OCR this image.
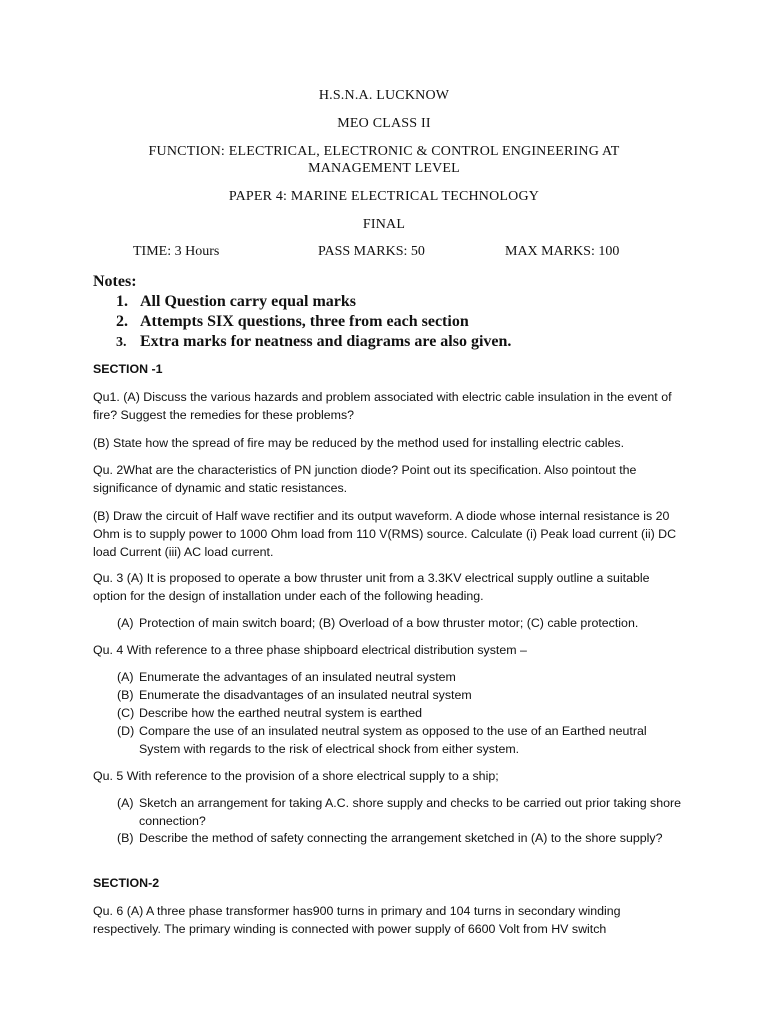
H.S.N.A. LUCKNOW
MEO CLASS II
FUNCTION: ELECTRICAL, ELECTRONIC & CONTROL ENGINEERING AT MANAGEMENT LEVEL
PAPER 4: MARINE ELECTRICAL TECHNOLOGY
FINAL
TIME: 3 Hours	PASS MARKS: 50	MAX MARKS: 100
Notes:
1. All Question carry equal marks
2. Attempts SIX questions, three from each section
3. Extra marks for neatness and diagrams are also given.
SECTION -1
Qu1. (A) Discuss the various hazards and problem associated with electric cable insulation in the event of fire? Suggest the remedies for these problems?
(B) State how the spread of fire may be reduced by the method used for installing electric cables.
Qu. 2What are the characteristics of PN junction diode? Point out its specification. Also pointout the significance of dynamic and static resistances.
(B) Draw the circuit of Half wave rectifier and its output waveform. A diode whose internal resistance is 20 Ohm is to supply power to 1000 Ohm load from 110 V(RMS) source. Calculate (i) Peak load current (ii) DC load Current (iii) AC load current.
Qu. 3 (A) It is proposed to operate a bow thruster unit from a 3.3KV electrical supply outline a suitable option for the design of installation under each of the following heading.
(A) Protection of main switch board; (B) Overload of a bow thruster motor; (C) cable protection.
Qu. 4 With reference to a three phase shipboard electrical distribution system –
(A) Enumerate the advantages of an insulated neutral system
(B) Enumerate the disadvantages of an insulated neutral system
(C) Describe how the earthed neutral system is earthed
(D) Compare the use of an insulated neutral system as opposed to the use of an Earthed neutral System with regards to the risk of electrical shock from either system.
Qu. 5 With reference to the provision of a shore electrical supply to a ship;
(A) Sketch an arrangement for taking A.C. shore supply and checks to be carried out prior taking shore connection?
(B) Describe the method of safety connecting the arrangement sketched in (A) to the shore supply?
SECTION-2
Qu. 6 (A) A three phase transformer has900 turns in primary and 104 turns in secondary winding respectively. The primary winding is connected with power supply of 6600 Volt from HV switch
